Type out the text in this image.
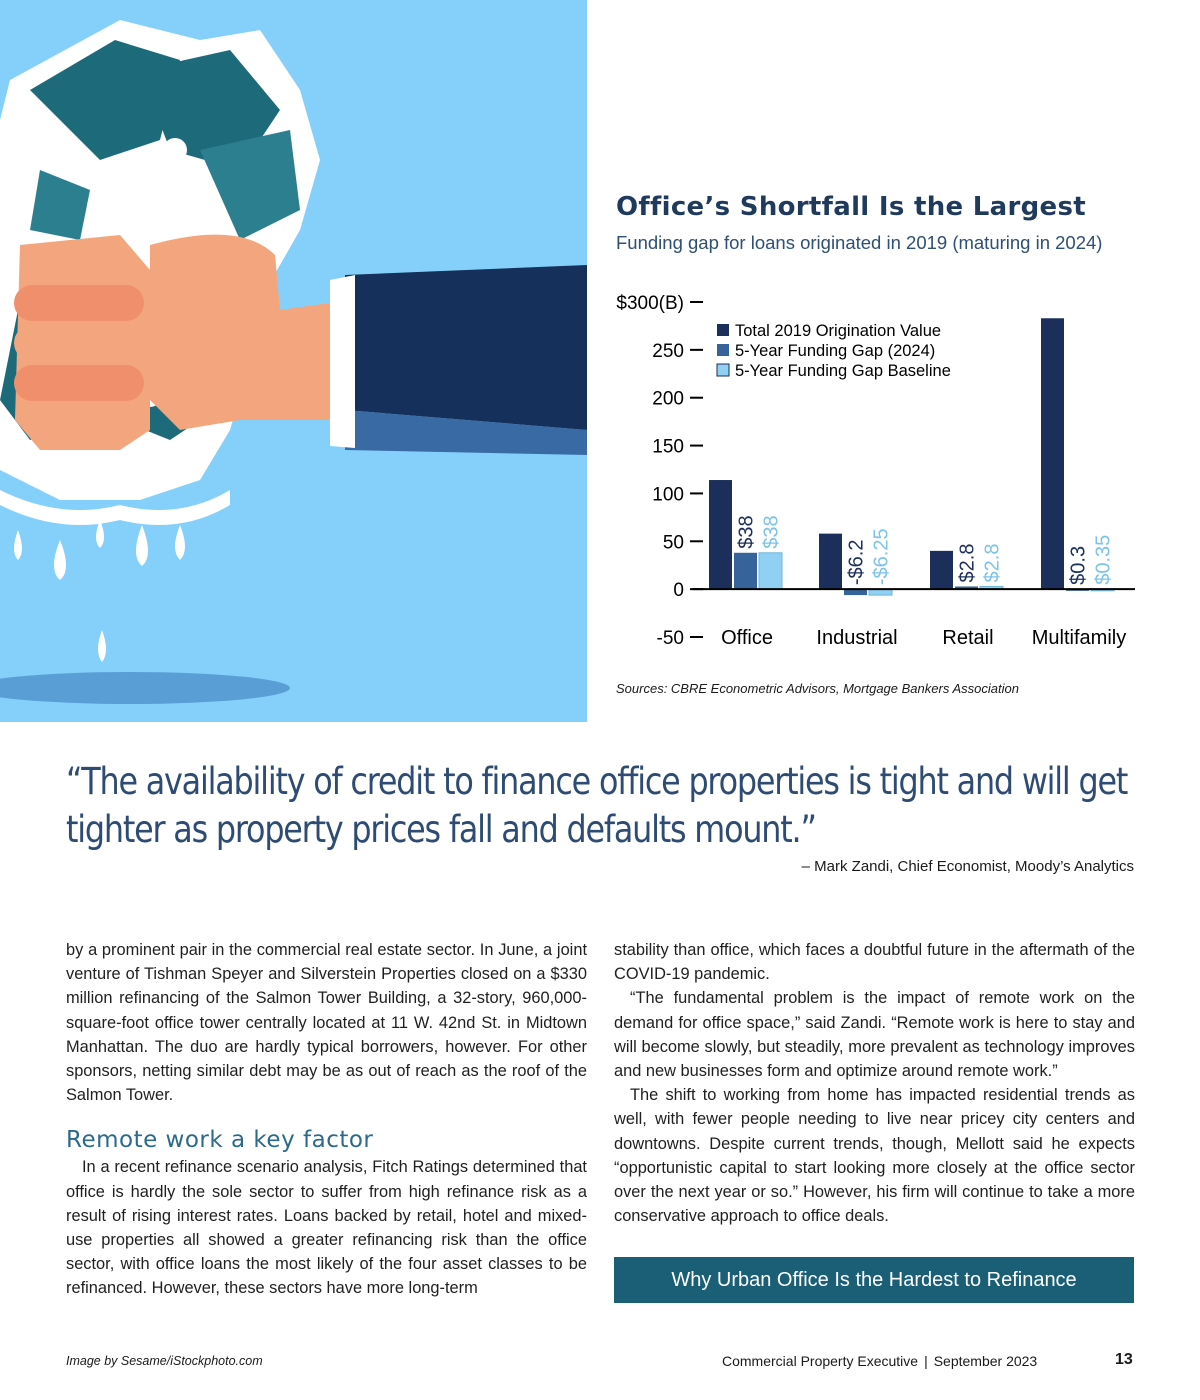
Office’s Shortfall Is the Largest
Funding gap for loans originated in 2019 (maturing in 2024)
$300(B)
250
200
150
100
50
0
-50
$38 $38
-$6.2 -$6.25	$2.8 $2.8	$0.3 $0.35
Office Industrial Retail Multifamily
Total 2019 Origination Value
5-Year Funding Gap (2024)
5-Year Funding Gap Baseline
Sources: CBRE Econometric Advisors, Mortgage Bankers Association
“The availability of credit to finance office properties is tight and will get tighter as property prices fall and defaults mount.”
– Mark Zandi, Chief Economist, Moody’s Analytics

by a prominent pair in the commercial real estate sector. In June, a joint venture of Tishman Speyer and Silverstein Properties closed on a $330 million refinancing of the Salmon Tower Building, a 32-story, 960,000-square-foot office tower centrally located at 11 W. 42nd St. in Midtown Manhattan. The duo are hardly typical borrowers, however. For other sponsors, netting similar debt may be as out of reach as the roof of the Salmon Tower.

Remote work a key factor

In a recent refinance scenario analysis, Fitch Ratings determined that office is hardly the sole sector to suffer from high refinance risk as a result of rising interest rates. Loans backed by retail, hotel and mixed-use properties all showed a greater refinancing risk than the office sector, with office loans the most likely of the four asset classes to be refinanced. However, these sectors have more long-term

stability than office, which faces a doubtful future in the aftermath of the COVID-19 pandemic.

“The fundamental problem is the impact of remote work on the demand for office space,” said Zandi. “Remote work is here to stay and will become slowly, but steadily, more prevalent as technology improves and new businesses form and optimize around remote work.”

The shift to working from home has impacted residential trends as well, with fewer people needing to live near pricey city centers and downtowns. Despite current trends, though, Mellott said he expects “opportunistic capital to start looking more closely at the office sector over the next year or so.” However, his firm will continue to take a more conservative approach to office deals.

Why Urban Office Is the Hardest to Refinance
Image by Sesame/iStockphoto.com	Commercial Property Executive | September 2023	13
